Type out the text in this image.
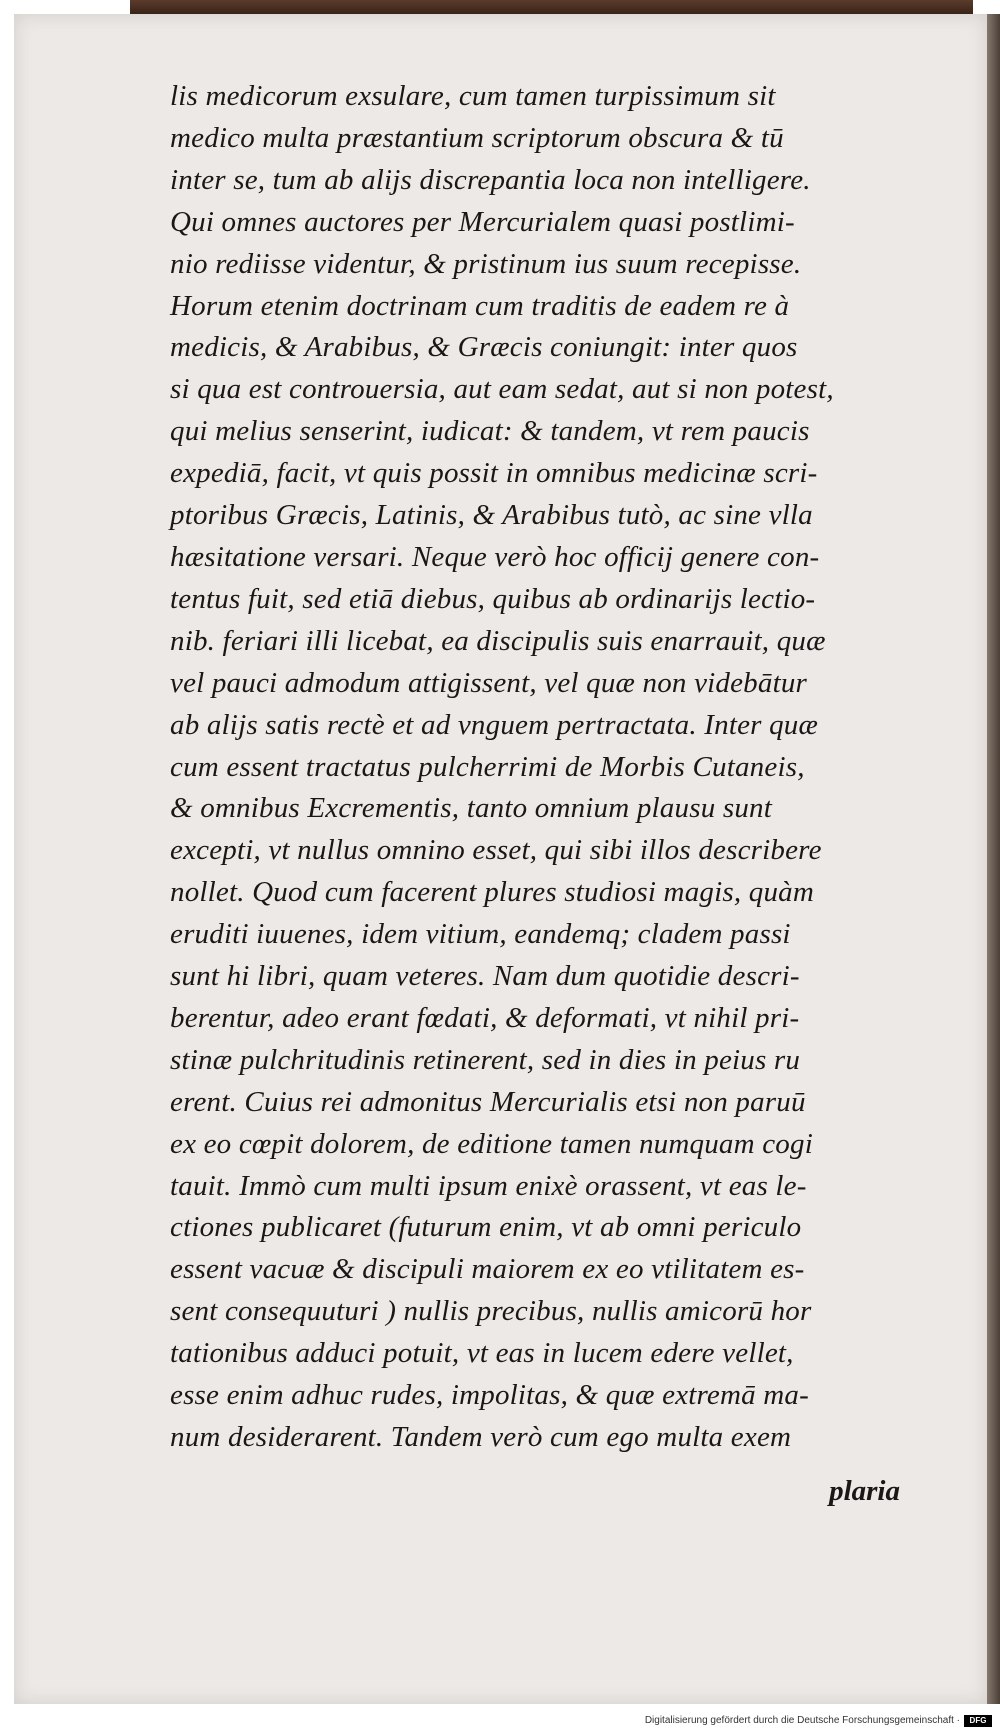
lis medicorum exsulare, cum tamen turpissimum sit
medico multa præstantium scriptorum obscura & tū
inter se, tum ab alijs discrepantia loca non intelligere.
Qui omnes auctores per Mercurialem quasi postlimi-
nio rediisse videntur, & pristinum ius suum recepisse.
Horum etenim doctrinam cum traditis de eadem re à
medicis, & Arabibus, & Græcis coniungit: inter quos
si qua est controuersia, aut eam sedat, aut si non potest,
qui melius senserint, iudicat: & tandem, vt rem paucis
expediā, facit, vt quis possit in omnibus medicinæ scri-
ptoribus Græcis, Latinis, & Arabibus tutò, ac sine vlla
hæsitatione versari. Neque verò hoc officij genere con-
tentus fuit, sed etiā diebus, quibus ab ordinarijs lectio-
nib. feriari illi licebat, ea discipulis suis enarrauit, quæ
vel pauci admodum attigissent, vel quæ non videbātur
ab alijs satis rectè et ad vnguem pertractata. Inter quæ
cum essent tractatus pulcherrimi de Morbis Cutaneis,
& omnibus Excrementis, tanto omnium plausu sunt
excepti, vt nullus omnino esset, qui sibi illos describere
nollet. Quod cum facerent plures studiosi magis, quàm
eruditi iuuenes, idem vitium, eandemq; cladem passi
sunt hi libri, quam veteres. Nam dum quotidie descri-
berentur, adeo erant fœdati, & deformati, vt nihil pri-
stinæ pulchritudinis retinerent, sed in dies in peius ru
erent. Cuius rei admonitus Mercurialis etsi non paruū
ex eo cœpit dolorem, de editione tamen numquam cogi
tauit. Immò cum multi ipsum enixè orassent, vt eas le-
ctiones publicaret (futurum enim, vt ab omni periculo
essent vacuæ & discipuli maiorem ex eo vtilitatem es-
sent consequuturi ) nullis precibus, nullis amicorū hor
tationibus adduci potuit, vt eas in lucem edere vellet,
esse enim adhuc rudes, impolitas, & quæ extremā ma-
num desiderarent. Tandem verò cum ego multa exem
plaria
Digitalisierung gefördert durch die Deutsche Forschungsgemeinschaft ·	DFG
